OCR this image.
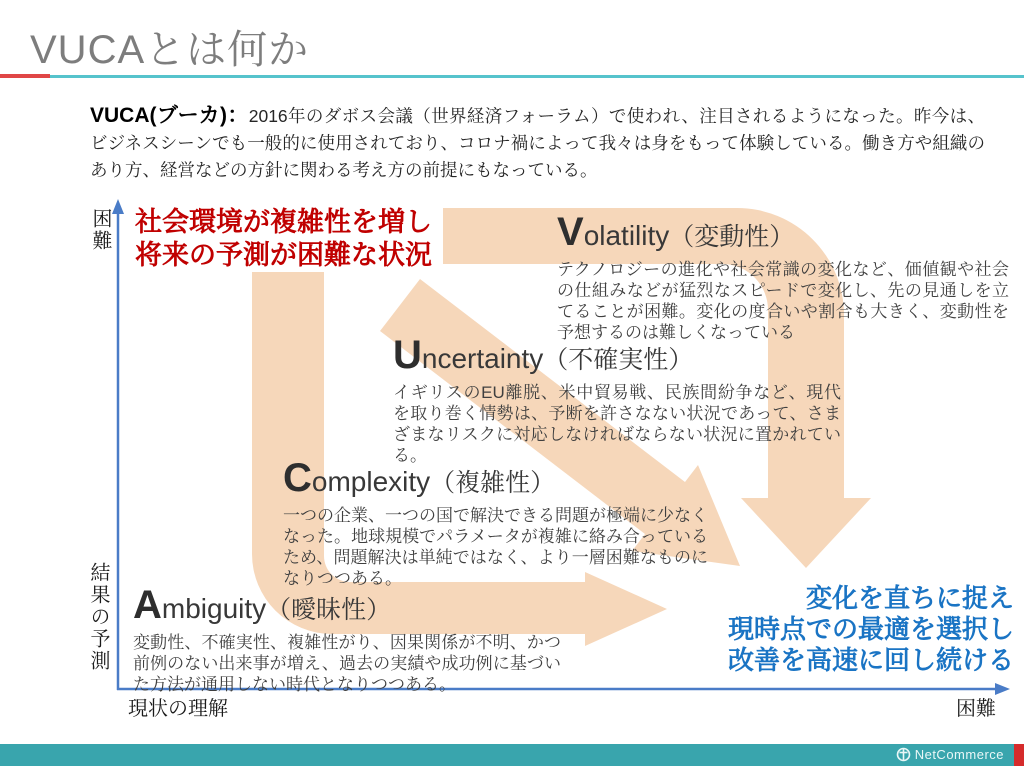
VUCAとは何か
VUCA(ブーカ)：2016年のダボス会議（世界経済フォーラム）で使われ、注目されるようになった。昨今は、ビジネスシーンでも一般的に使用されており、コロナ禍によって我々は身をもって体験している。働き方や組織のあり方、経営などの方針に関わる考え方の前提にもなっている。
社会環境が複雑性を増し
将来の予測が困難な状況
変化を直ちに捉え
現時点での最適を選択し
改善を高速に回し続ける
Volatility（変動性）
テクノロジーの進化や社会常識の変化など、価値観や社会の仕組みなどが猛烈なスピードで変化し、先の見通しを立てることが困難。変化の度合いや割合も大きく、変動性を予想するのは難しくなっている
Uncertainty（不確実性）
イギリスのEU離脱、米中貿易戦、民族間紛争など、現代を取り巻く情勢は、予断を許さなない状況であって、さまざまなリスクに対応しなければならない状況に置かれている。
Complexity（複雑性）
一つの企業、一つの国で解決できる問題が極端に少なくなった。地球規模でパラメータが複雑に絡み合っているため、問題解決は単純ではなく、より一層困難なものになりつつある。
Ambiguity（曖昧性）
変動性、不確実性、複雑性がり、因果関係が不明、かつ前例のない出来事が増え、過去の実績や成功例に基づいた方法が通用しない時代となりつつある。
困難
結果の予測
現状の理解	困難
NetCommerce
